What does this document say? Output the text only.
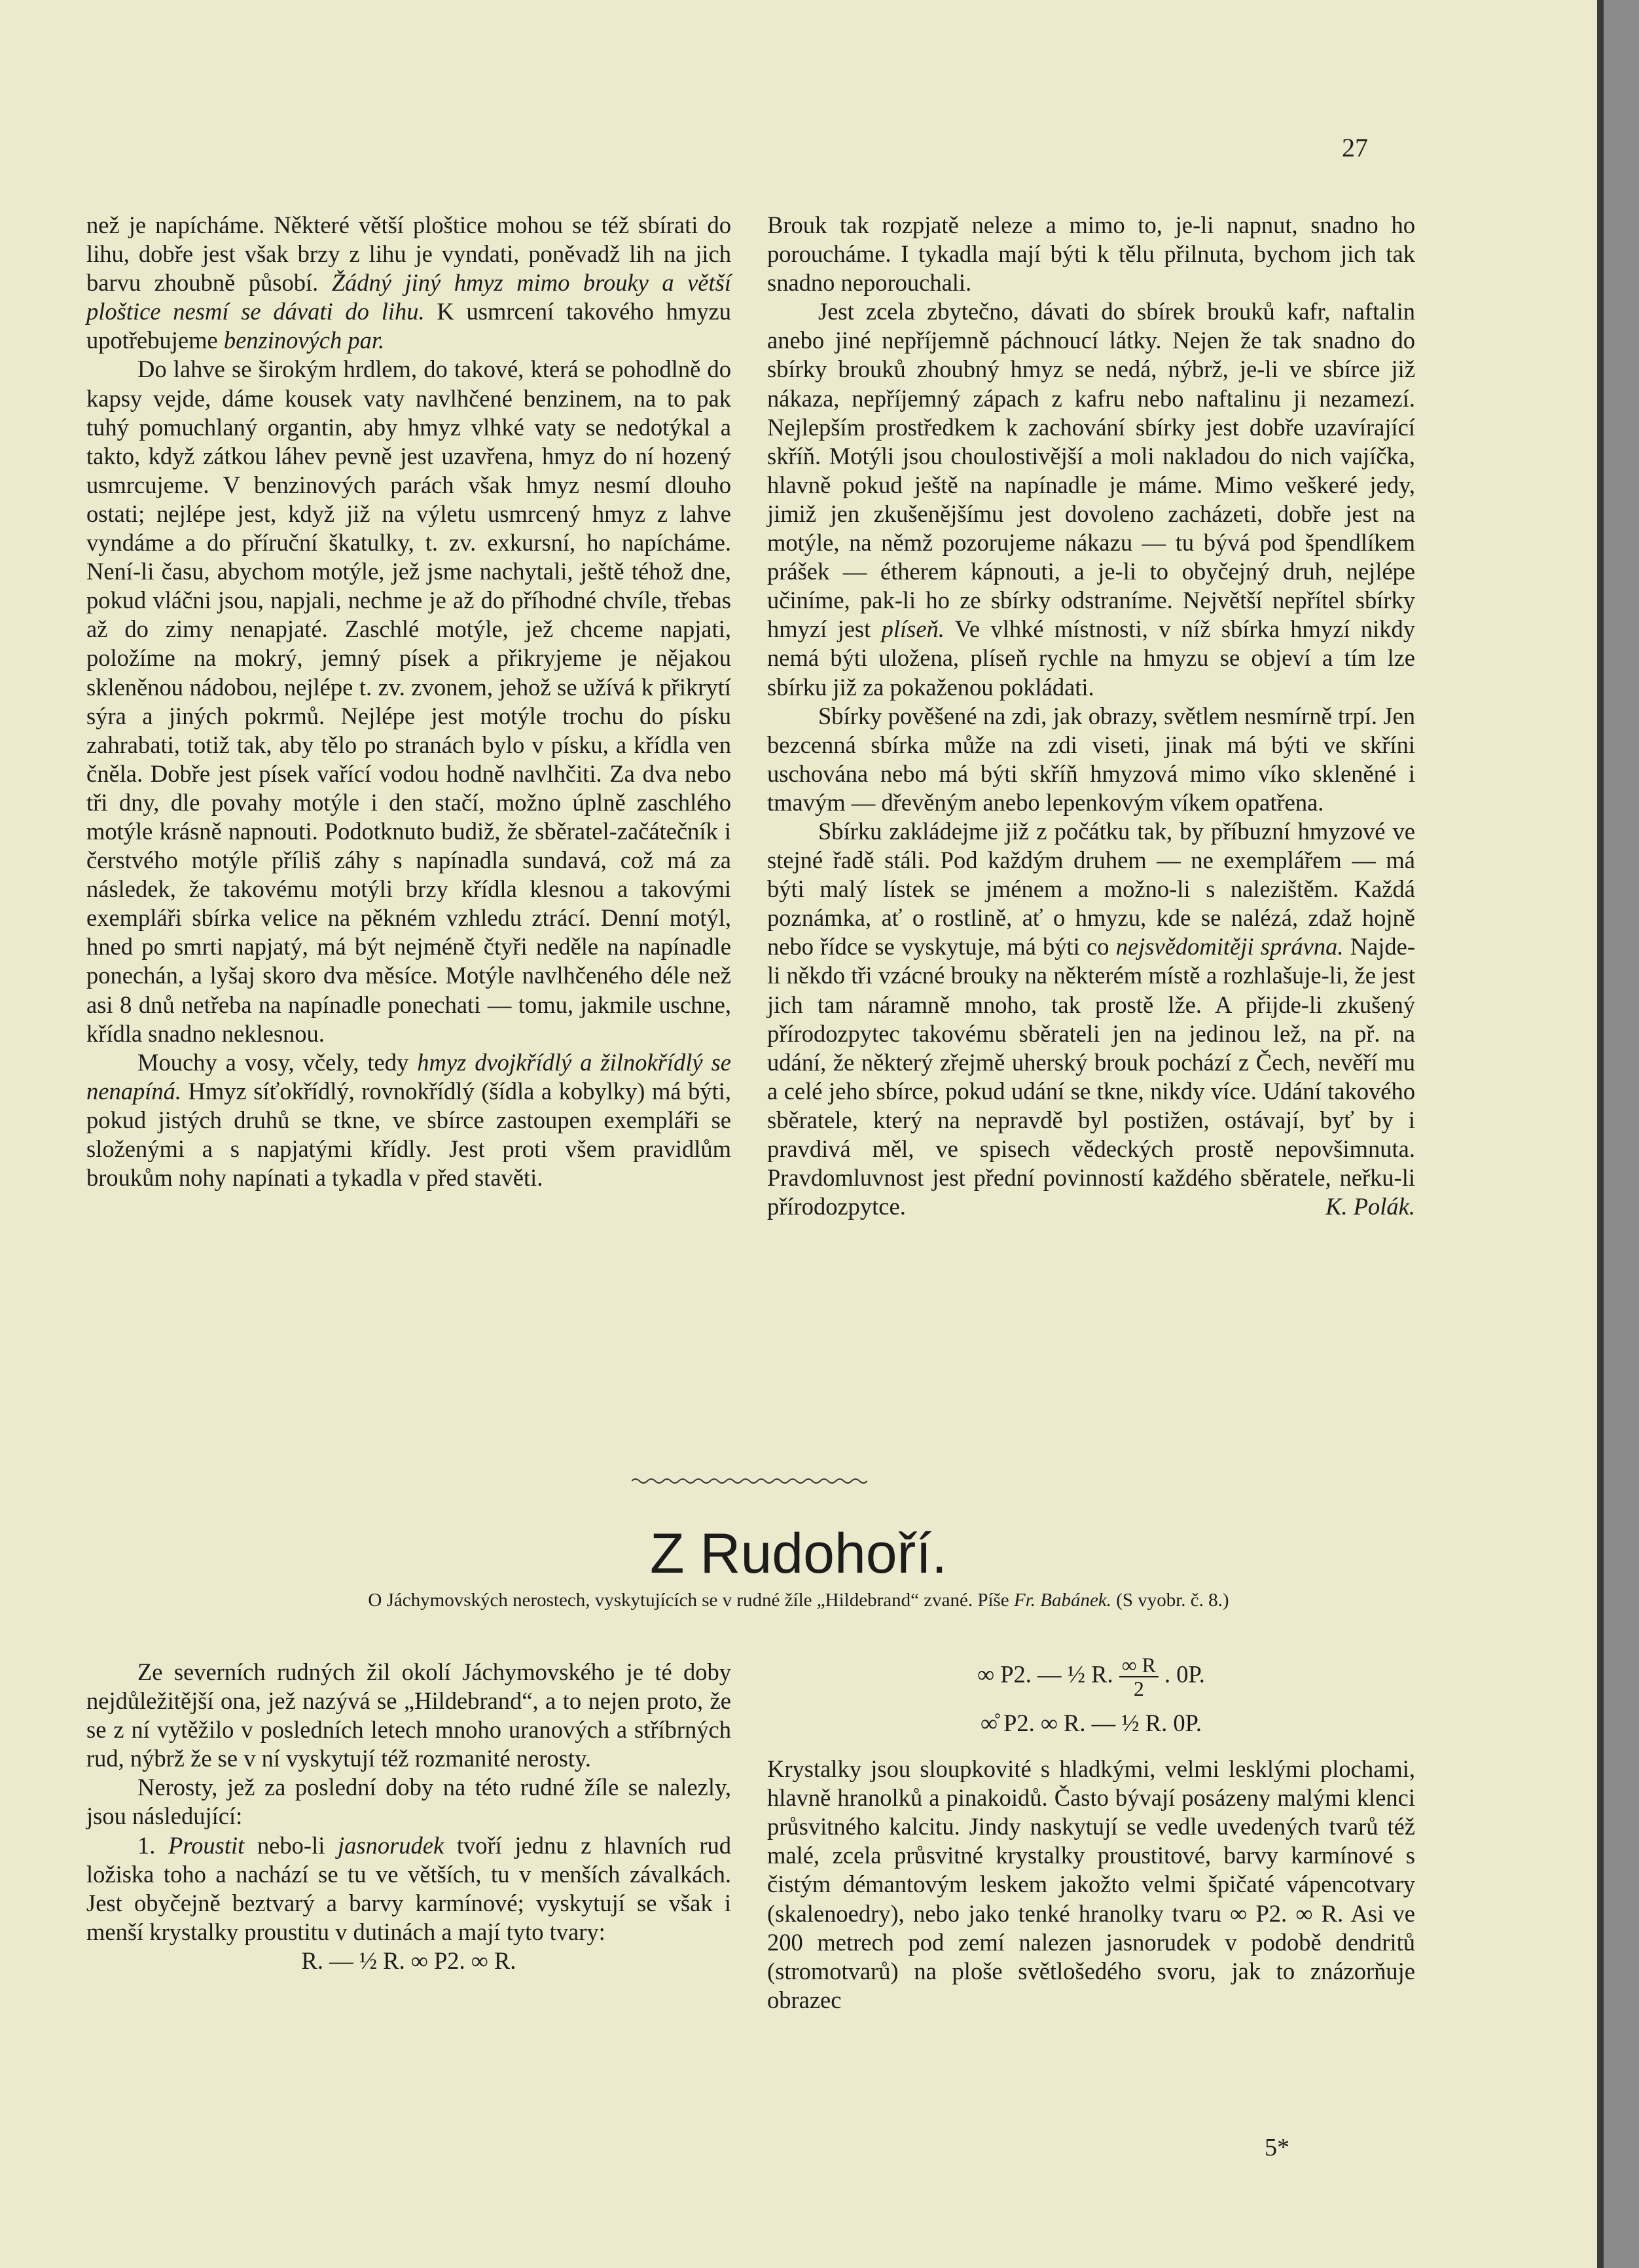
27

než je napícháme. Některé větší ploštice mohou se též sbírati do lihu, dobře jest však brzy z lihu je vyndati, poněvadž lih na jich barvu zhoubně působí. Žádný jiný hmyz mimo brouky a větší ploštice nesmí se dávati do lihu. K usmrcení takového hmyzu upotřebujeme benzinových par.

Do lahve se širokým hrdlem, do takové, která se pohodlně do kapsy vejde, dáme kousek vaty navlhčené benzinem, na to pak tuhý pomuchlaný organtin, aby hmyz vlhké vaty se nedotýkal a takto, když zátkou láhev pevně jest uzavřena, hmyz do ní hozený usmrcujeme. V benzinových parách však hmyz nesmí dlouho ostati; nejlépe jest, když již na výletu usmrcený hmyz z lahve vyndáme a do příruční škatulky, t. zv. exkursní, ho napícháme. Není-li času, abychom motýle, jež jsme nachytali, ještě téhož dne, pokud vláčni jsou, napjali, nechme je až do příhodné chvíle, třebas až do zimy nenapjaté. Zaschlé motýle, jež chceme napjati, položíme na mokrý, jemný písek a přikryjeme je nějakou skleněnou nádobou, nejlépe t. zv. zvonem, jehož se užívá k přikrytí sýra a jiných pokrmů. Nejlépe jest motýle trochu do písku zahrabati, totiž tak, aby tělo po stranách bylo v písku, a křídla ven čněla. Dobře jest písek vařící vodou hodně navlhčiti. Za dva nebo tři dny, dle povahy motýle i den stačí, možno úplně zaschlého motýle krásně napnouti. Podotknuto budiž, že sběratel-začátečník i čerstvého motýle příliš záhy s napínadla sundavá, což má za následek, že takovému motýli brzy křídla klesnou a takovými exempláři sbírka velice na pěkném vzhledu ztrácí. Denní motýl, hned po smrti napjatý, má být nejméně čtyři neděle na napínadle ponechán, a lyšaj skoro dva měsíce. Motýle navlhčeného déle než asi 8 dnů netřeba na napínadle ponechati — tomu, jakmile uschne, křídla snadno neklesnou.

Mouchy a vosy, včely, tedy hmyz dvojkřídlý a žilnokřídlý se nenapíná. Hmyz síťokřídlý, rovnokřídlý (šídla a kobylky) má býti, pokud jistých druhů se tkne, ve sbírce zastoupen exempláři se složenými a s napjatými křídly. Jest proti všem pravidlům broukům nohy napínati a tykadla v před stavěti.

Brouk tak rozpjatě neleze a mimo to, je-li napnut, snadno ho poroucháme. I tykadla mají býti k tělu přilnuta, bychom jich tak snadno neporouchali.

Jest zcela zbytečno, dávati do sbírek brouků kafr, naftalin anebo jiné nepříjemně páchnoucí látky. Nejen že tak snadno do sbírky brouků zhoubný hmyz se nedá, nýbrž, je-li ve sbírce již nákaza, nepříjemný zápach z kafru nebo naftalinu ji nezamezí. Nejlepším prostředkem k zachování sbírky jest dobře uzavírající skříň. Motýli jsou choulostivější a moli nakladou do nich vajíčka, hlavně pokud ještě na napínadle je máme. Mimo veškeré jedy, jimiž jen zkušenějšímu jest dovoleno zacházeti, dobře jest na motýle, na němž pozorujeme nákazu — tu bývá pod špendlíkem prášek — étherem kápnouti, a je-li to obyčejný druh, nejlépe učiníme, pak-li ho ze sbírky odstraníme. Největší nepřítel sbírky hmyzí jest plíseň. Ve vlhké místnosti, v níž sbírka hmyzí nikdy nemá býti uložena, plíseň rychle na hmyzu se objeví a tím lze sbírku již za pokaženou pokládati.

Sbírky pověšené na zdi, jak obrazy, světlem nesmírně trpí. Jen bezcenná sbírka může na zdi viseti, jinak má býti ve skříni uschována nebo má býti skříň hmyzová mimo víko skleněné i tmavým — dřevěným anebo lepenkovým víkem opatřena.

Sbírku zakládejme již z počátku tak, by příbuzní hmyzové ve stejné řadě stáli. Pod každým druhem — ne exemplářem — má býti malý lístek se jménem a možno-li s nalezištěm. Každá poznámka, ať o rostlině, ať o hmyzu, kde se nalézá, zdaž hojně nebo řídce se vyskytuje, má býti co nejsvědomitěji správna. Najde-li někdo tři vzácné brouky na některém místě a rozhlašuje-li, že jest jich tam náramně mnoho, tak prostě lže. A přijde-li zkušený přírodozpytec takovému sběrateli jen na jedinou lež, na př. na udání, že některý zřejmě uherský brouk pochází z Čech, nevěří mu a celé jeho sbírce, pokud udání se tkne, nikdy více. Udání takového sběratele, který na nepravdě byl postižen, ostávají, byť by i pravdivá měl, ve spisech vědeckých prostě nepovšimnuta. Pravdomluvnost jest přední povinností každého sběratele, neřku-li přírodozpytce.	K. Polák.

Z Rudohoří.
O Jáchymovských nerostech, vyskytujících se v rudné žíle „Hildebrand“ zvané. Píše Fr. Babánek. (S vyobr. č. 8.)

Ze severních rudných žil okolí Jáchymovského je té doby nejdůležitější ona, jež nazývá se „Hildebrand“, a to nejen proto, že se z ní vytěžilo v posledních letech mnoho uranových a stříbrných rud, nýbrž že se v ní vyskytují též rozmanité nerosty.

Nerosty, jež za poslední doby na této rudné žíle se nalezly, jsou následující:

1. Proustit nebo-li jasnorudek tvoří jednu z hlavních rud ložiska toho a nachází se tu ve větších, tu v menších závalkách. Jest obyčejně beztvarý a barvy karmínové; vyskytují se však i menší krystalky proustitu v dutinách a mají tyto tvary:

R. — ½ R. ∞ P2. ∞ R.

∞ P2. — ½ R. $\frac{\infty R}{2}$ . 0P.
∞̊ P2. ∞ R. — ½ R. 0P.

Krystalky jsou sloupkovité s hladkými, velmi lesklými plochami, hlavně hranolků a pinakoidů. Často bývají posázeny malými klenci průsvitného kalcitu. Jindy naskytují se vedle uvedených tvarů též malé, zcela průsvitné krystalky proustitové, barvy karmínové s čistým démantovým leskem jakožto velmi špičaté vápencotvary (skalenoedry), nebo jako tenké hranolky tvaru ∞ P2. ∞ R. Asi ve 200 metrech pod zemí nalezen jasnorudek v podobě dendritů (stromotvarů) na ploše světlošedého svoru, jak to znázorňuje obrazec

5*
